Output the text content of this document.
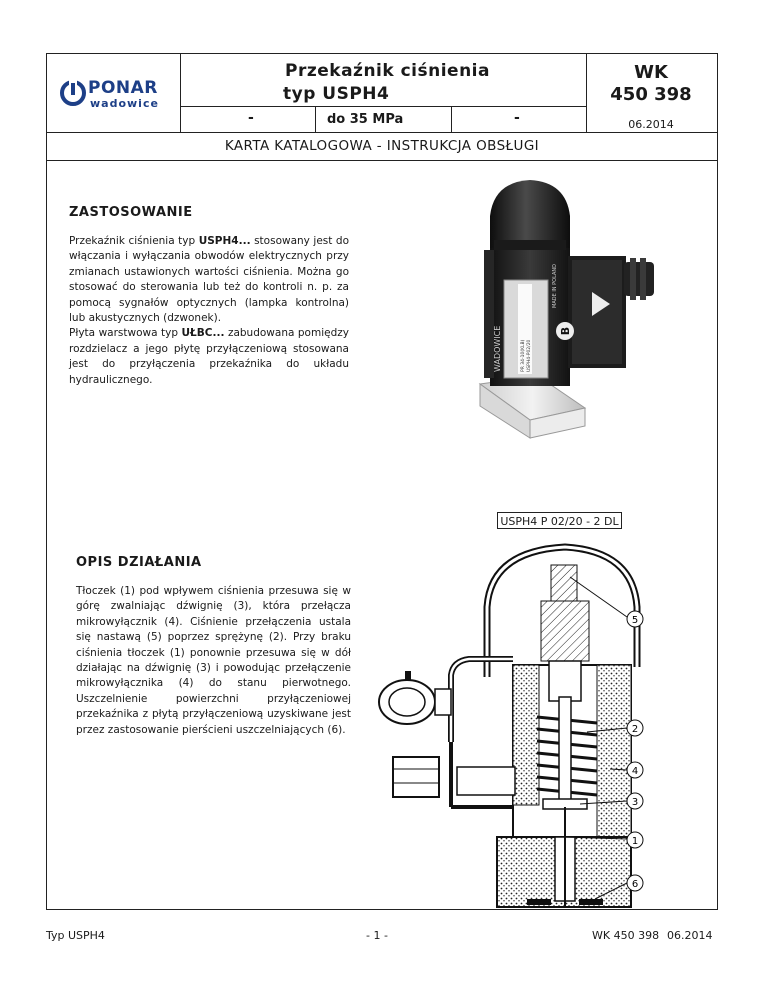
PONAR
wadowice
Przekaźnik ciśnienia
typ USPH4
WK
450 398
-	do 35 MPa	-	06.2014
KARTA KATALOGOWA - INSTRUKCJA OBSŁUGI
ZASTOSOWANIE
Przekaźnik ciśnienia typ USPH4... stosowany jest do włączania i wyłączania obwodów elektrycznych przy zmianach ustawionych wartości ciśnienia. Można go stosować do sterowania lub też do kontroli n. p. za pomocą sygnałów optycznych (lampka kontrolna) lub akustycznych (dzwonek).
Płyta warstwowa typ UŁBC... zabudowana pomiędzy rozdzielacz a jego płytę przyłączeniową stosowana jest do przyłączenia przekaźnika do układu hydraulicznego.
B
WADOWICE
MADE IN POLAND
PR 34-10(KLB) USPH4-P02/20
USPH4 P 02/20 - 2 DL
OPIS DZIAŁANIA
Tłoczek (1) pod wpływem ciśnienia przesuwa się w górę zwalniając dźwignię (3), która przełącza mikrowyłącznik (4). Ciśnienie przełączenia ustala się nastawą (5) poprzez sprężynę (2). Przy braku ciśnienia tłoczek (1) ponownie przesuwa się w dół działając na dźwignię (3) i powodując przełączenie mikrowyłącznika (4) do stanu pierwotnego. Uszczelnienie powierzchni przyłączeniowej przekaźnika z płytą przyłączeniową uzyskiwane jest przez zastosowanie pierścieni uszczelniających (6).
5
2
4
3
1
6
Typ USPH4	- 1 -	WK 450 398 06.2014
